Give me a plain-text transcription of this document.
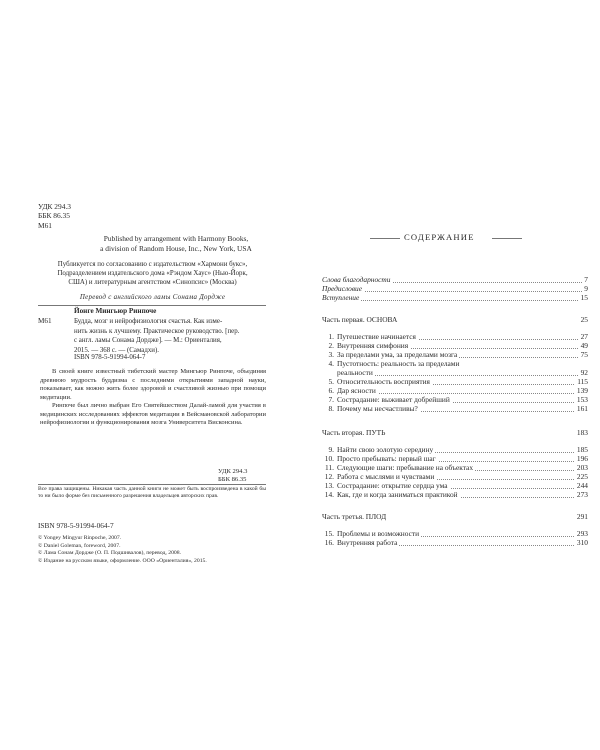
УДК 294.3
ББК 86.35
М61
Published by arrangement with Harmony Books,
a division of Random House, Inc., New York, USA
Публикуется по согласованию с издательством «Хармони букс»,
Подразделением издательского дома «Рэндом Хаус» (Нью-Йорк,
США) и литературным агентством «Синопсис» (Москва)
Перевод с английского ламы Сонама Дордже
Йонге Мингьюр Ринпоче
М61	Будда, мозг и нейрофизиология счастья. Как изме-
нить жизнь к лучшему. Практическое руководство. [пер.
с англ. ламы Сонама Дордже]. — М.: Ориенталия,
2015. — 368 с. — (Самадхи).
ISBN 978-5-91994-064-7

В своей книге известный тибетский мастер Мингьюр Ринпоче, объединяя древнюю мудрость буддизма с последними открытиями западной науки, показывает, как можно жить более здоровой и счастливой жизнью при помощи медитации.

Ринпоче был лично выбран Его Святейшеством Далай-ламой для участия в медицинских исследованиях эффектов медитации в Вейсмановской лаборатории нейрофизиологии и функционирования мозга Университета Висконсина.

УДК 294.3
ББК 86.35
Все права защищены. Никакая часть данной книги не может быть воспроизведена в какой бы то ни было форме без письменного разрешения владельцев авторских прав.
ISBN 978-5-91994-064-7
© Yongey Mingyur Rinpoche, 2007.
© Daniel Goleman, foreword, 2007.
© Лама Сонам Дордже (О. П. Подшивалов), перевод, 2008.
© Издание на русском языке, оформление. ООО «Ориенталия», 2015.
СОДЕРЖАНИЕ
Слова благодарности	7
Предисловие	9
Вступление	15
Часть первая. ОСНОВА	25
1. Путешествие начинается	27
2. Внутренняя симфония	49
3. За пределами ума, за пределами мозга	75
4. Пустотность: реальность за пределами
реальности	92
5. Относительность восприятия	115
6. Дар ясности	139
7. Сострадание: выживает добрейший	153
8. Почему мы несчастливы?	161
Часть вторая. ПУТЬ	183
9. Найти свою золотую середину	185
10. Просто пребывать: первый шаг	196
11. Следующие шаги: пребывание на объектах	203
12. Работа с мыслями и чувствами	225
13. Сострадание: открытие сердца ума	244
14. Как, где и когда заниматься практикой	273
Часть третья. ПЛОД	291
15. Проблемы и возможности	293
16. Внутренняя работа	310
